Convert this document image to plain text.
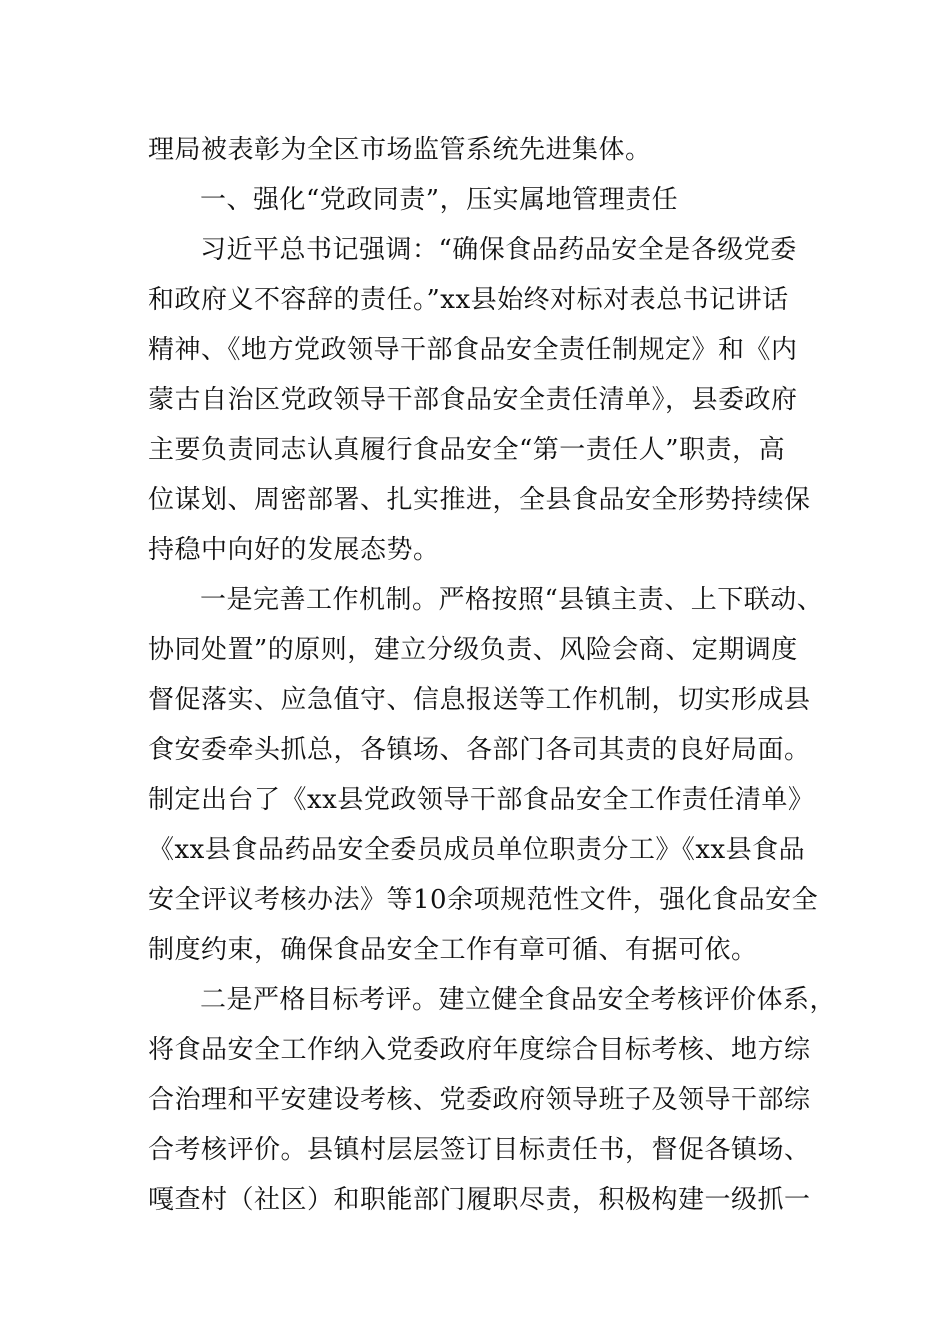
理局被表彰为全区市场监管系统先进集体。
一、强化“党政同责”，压实属地管理责任
习近平总书记强调：“确保食品药品安全是各级党委
和政府义不容辞的责任。”xx县始终对标对表总书记讲话
精神、《地方党政领导干部食品安全责任制规定》和《内
蒙古自治区党政领导干部食品安全责任清单》，县委政府
主要负责同志认真履行食品安全“第一责任人”职责，高
位谋划、周密部署、扎实推进，全县食品安全形势持续保
持稳中向好的发展态势。
一是完善工作机制。严格按照“县镇主责、上下联动、
协同处置”的原则，建立分级负责、风险会商、定期调度
督促落实、应急值守、信息报送等工作机制，切实形成县
食安委牵头抓总，各镇场、各部门各司其责的良好局面。
制定出台了《xx县党政领导干部食品安全工作责任清单》
《xx县食品药品安全委员成员单位职责分工》《xx县食品
安全评议考核办法》等10余项规范性文件，强化食品安全
制度约束，确保食品安全工作有章可循、有据可依。
二是严格目标考评。建立健全食品安全考核评价体系，
将食品安全工作纳入党委政府年度综合目标考核、地方综
合治理和平安建设考核、党委政府领导班子及领导干部综
合考核评价。县镇村层层签订目标责任书，督促各镇场、
嘎查村（社区）和职能部门履职尽责，积极构建一级抓一
